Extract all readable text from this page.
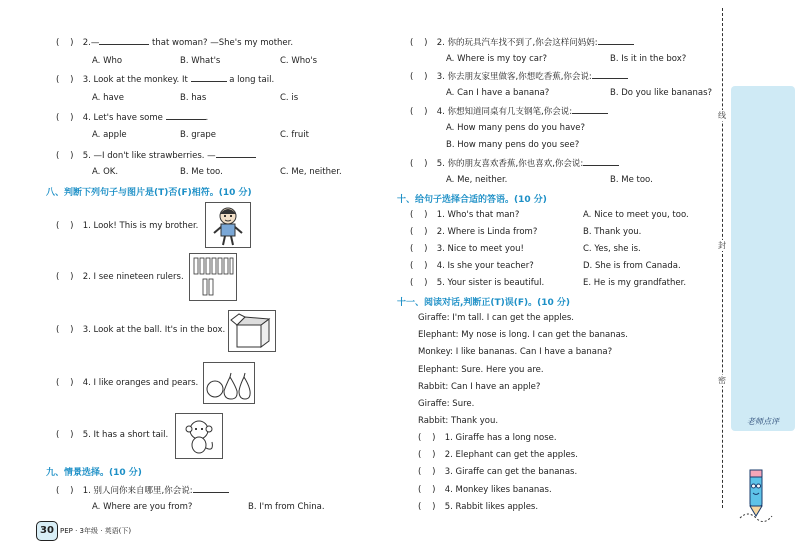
( ) 2.—	that woman? —She's my mother.
A. Who	B. What's	C. Who's
( ) 3. Look at the monkey. It	a long tail.
A. have	B. has	C. is
( ) 4. Let's have some	.
A. apple	B. grape	C. fruit
( ) 5. —I don't like strawberries. —
A. OK.	B. Me too.	C. Me, neither.
八、判断下列句子与图片是(T)否(F)相符。(10 分)
( ) 1. Look! This is my brother.
( ) 2. I see nineteen rulers.
( ) 3. Look at the ball. It's in the box.
( ) 4. I like oranges and pears.
( ) 5. It has a short tail.
九、情景选择。(10 分)
( ) 1. 别人问你来自哪里,你会说:
A. Where are you from?	B. I'm from China.
30 PEP · 3年级 · 英语(下)
( ) 2. 你的玩具汽车找不到了,你会这样问妈妈:
A. Where is my toy car?	B. Is it in the box?
( ) 3. 你去朋友家里做客,你想吃香蕉,你会说:
A. Can I have a banana?	B. Do you like bananas?
( ) 4. 你想知道同桌有几支钢笔,你会说:
A. How many pens do you have?
B. How many pens do you see?
( ) 5. 你的朋友喜欢香蕉,你也喜欢,你会说:
A. Me, neither.	B. Me too.
十、给句子选择合适的答语。(10 分)
( ) 1. Who's that man?	A. Nice to meet you, too.
( ) 2. Where is Linda from?	B. Thank you.
( ) 3. Nice to meet you!	C. Yes, she is.
( ) 4. Is she your teacher?	D. She is from Canada.
( ) 5. Your sister is beautiful.	E. He is my grandfather.
十一、阅读对话,判断正(T)误(F)。(10 分)
Giraffe: I'm tall. I can get the apples.
Elephant: My nose is long. I can get the bananas.
Monkey: I like bananas. Can I have a banana?
Elephant: Sure. Here you are.
Rabbit: Can I have an apple?
Giraffe: Sure.
Rabbit: Thank you.
( ) 1. Giraffe has a long nose.
( ) 2. Elephant can get the apples.
( ) 3. Giraffe can get the bananas.
( ) 4. Monkey likes bananas.
( ) 5. Rabbit likes apples.
线
封
密
老师点评
